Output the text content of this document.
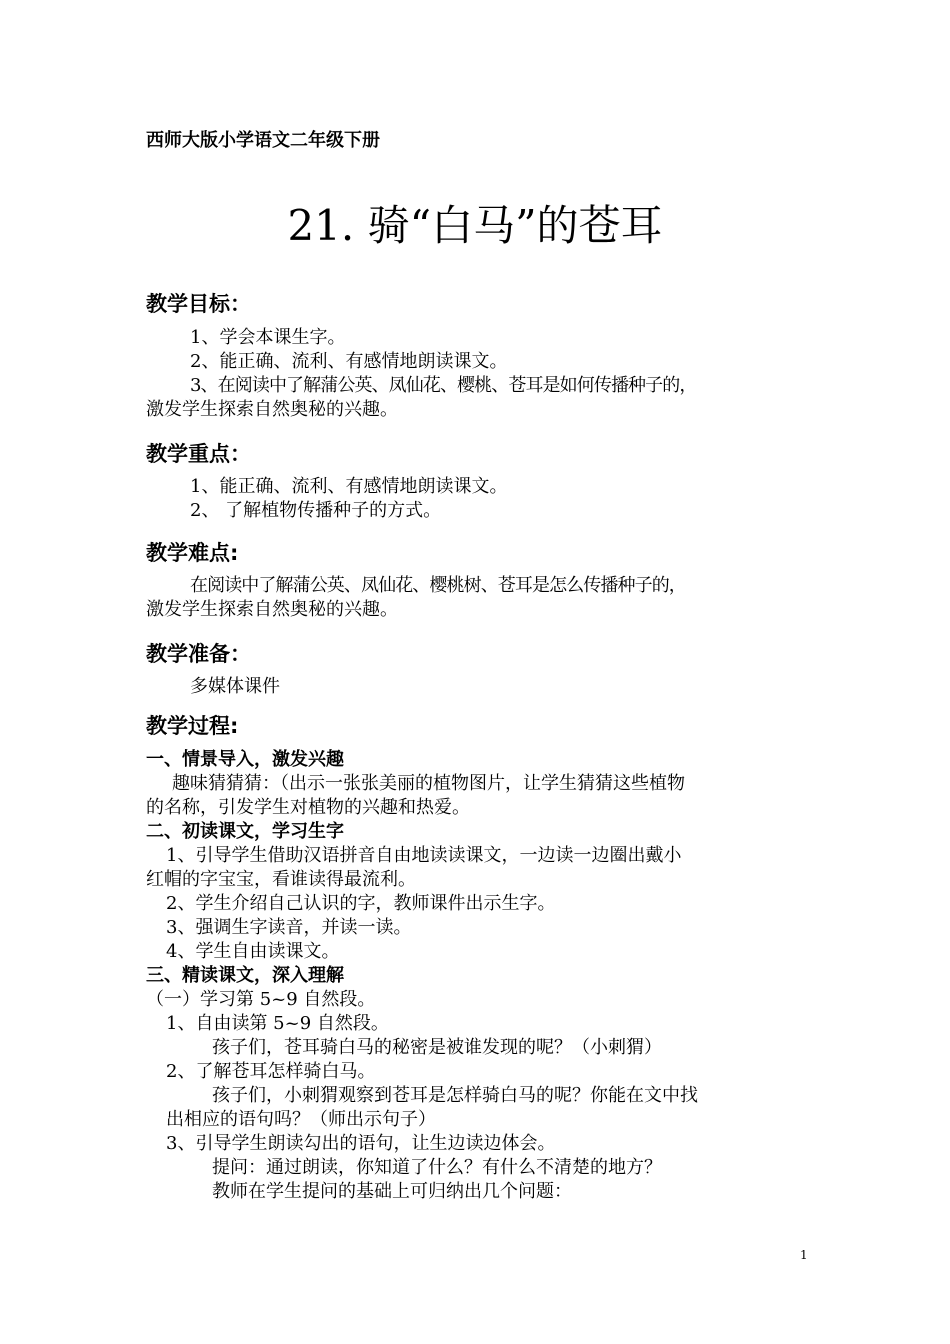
西师大版小学语文二年级下册
21. 骑“白马”的苍耳
教学目标：
1、学会本课生字。
2、能正确、流利、有感情地朗读课文。
3、在阅读中了解蒲公英、凤仙花、樱桃、苍耳是如何传播种子的，
激发学生探索自然奥秘的兴趣。
教学重点：
1、能正确、流利、有感情地朗读课文。
2、 了解植物传播种子的方式。
教学难点:
在阅读中了解蒲公英、凤仙花、樱桃树、苍耳是怎么传播种子的，
激发学生探索自然奥秘的兴趣。
教学准备：
多媒体课件
教学过程:
一、情景导入，激发兴趣
趣味猜猜猜：（出示一张张美丽的植物图片，让学生猜猜这些植物
的名称，引发学生对植物的兴趣和热爱。
二、初读课文，学习生字
1、引导学生借助汉语拼音自由地读读课文，一边读一边圈出戴小
红帽的字宝宝，看谁读得最流利。
2、学生介绍自己认识的字，教师课件出示生字。
3、强调生字读音，并读一读。
4、学生自由读课文。
三、精读课文，深入理解
（一）学习第 5~9 自然段。
1、自由读第 5~9 自然段。
孩子们，苍耳骑白马的秘密是被谁发现的呢？（小刺猬）
2、了解苍耳怎样骑白马。
孩子们，小刺猬观察到苍耳是怎样骑白马的呢？你能在文中找
出相应的语句吗？（师出示句子）
3、引导学生朗读勾出的语句，让生边读边体会。
提问：通过朗读，你知道了什么？有什么不清楚的地方？
教师在学生提问的基础上可归纳出几个问题：
1
